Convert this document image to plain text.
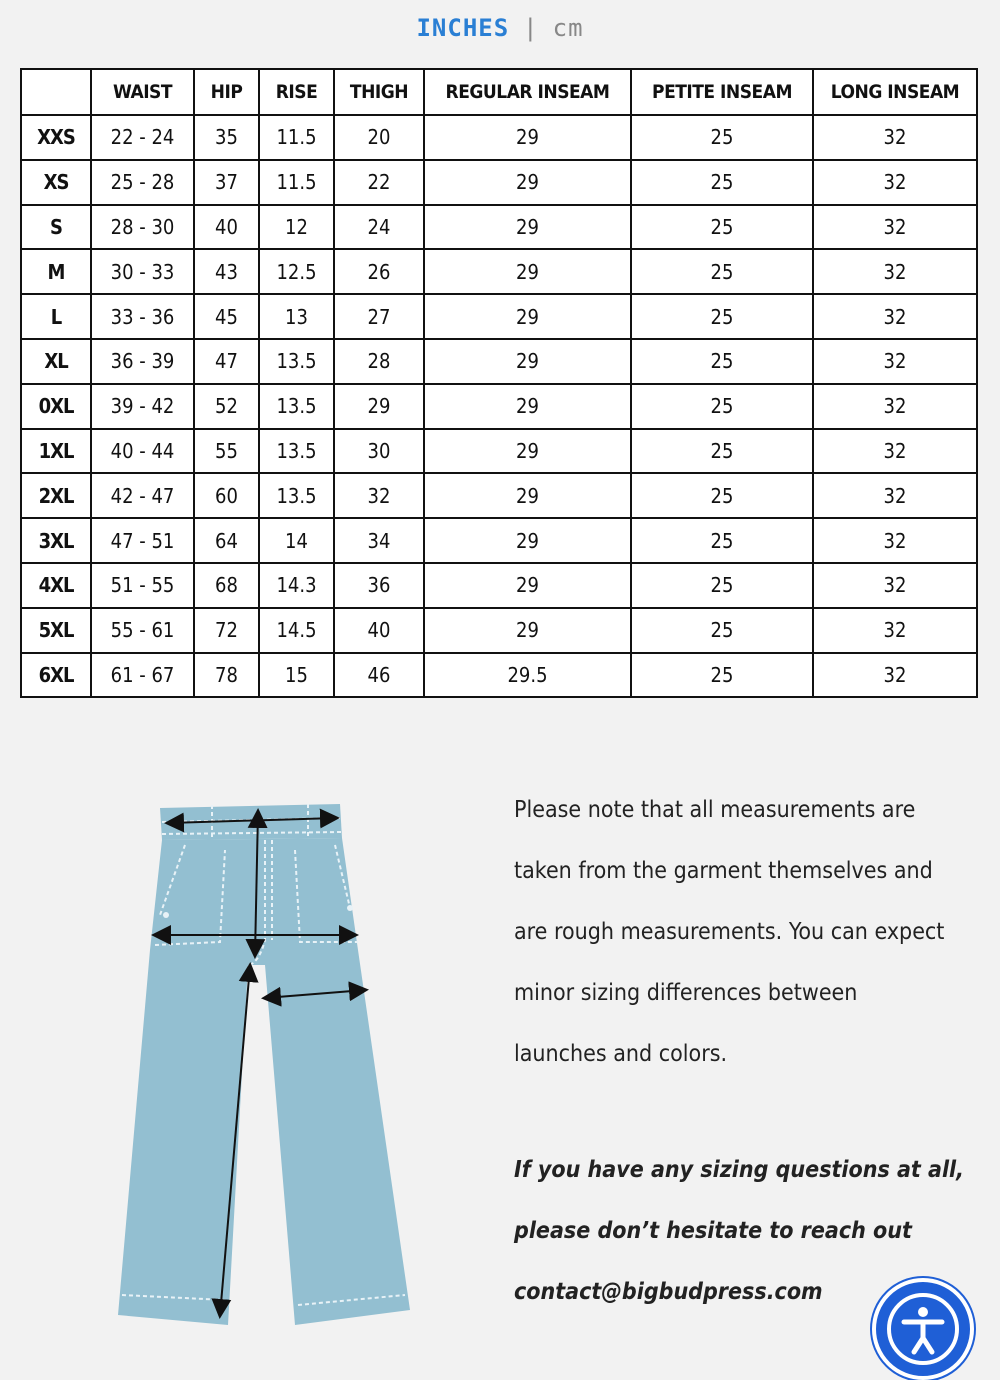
INCHES | cm
	WAIST	HIP	RISE	THIGH	REGULAR INSEAM	PETITE INSEAM	LONG INSEAM
XXS	22 - 24	35	11.5	20	29	25	32
XS	25 - 28	37	11.5	22	29	25	32
S	28 - 30	40	12	24	29	25	32
M	30 - 33	43	12.5	26	29	25	32
L	33 - 36	45	13	27	29	25	32
XL	36 - 39	47	13.5	28	29	25	32
0XL	39 - 42	52	13.5	29	29	25	32
1XL	40 - 44	55	13.5	30	29	25	32
2XL	42 - 47	60	13.5	32	29	25	32
3XL	47 - 51	64	14	34	29	25	32
4XL	51 - 55	68	14.3	36	29	25	32
5XL	55 - 61	72	14.5	40	29	25	32
6XL	61 - 67	78	15	46	29.5	25	32

Please note that all measurements are

taken from the garment themselves and

are rough measurements. You can expect

minor sizing differences between

launches and colors.

If you have any sizing questions at all,

please don’t hesitate to reach out

contact@bigbudpress.com
